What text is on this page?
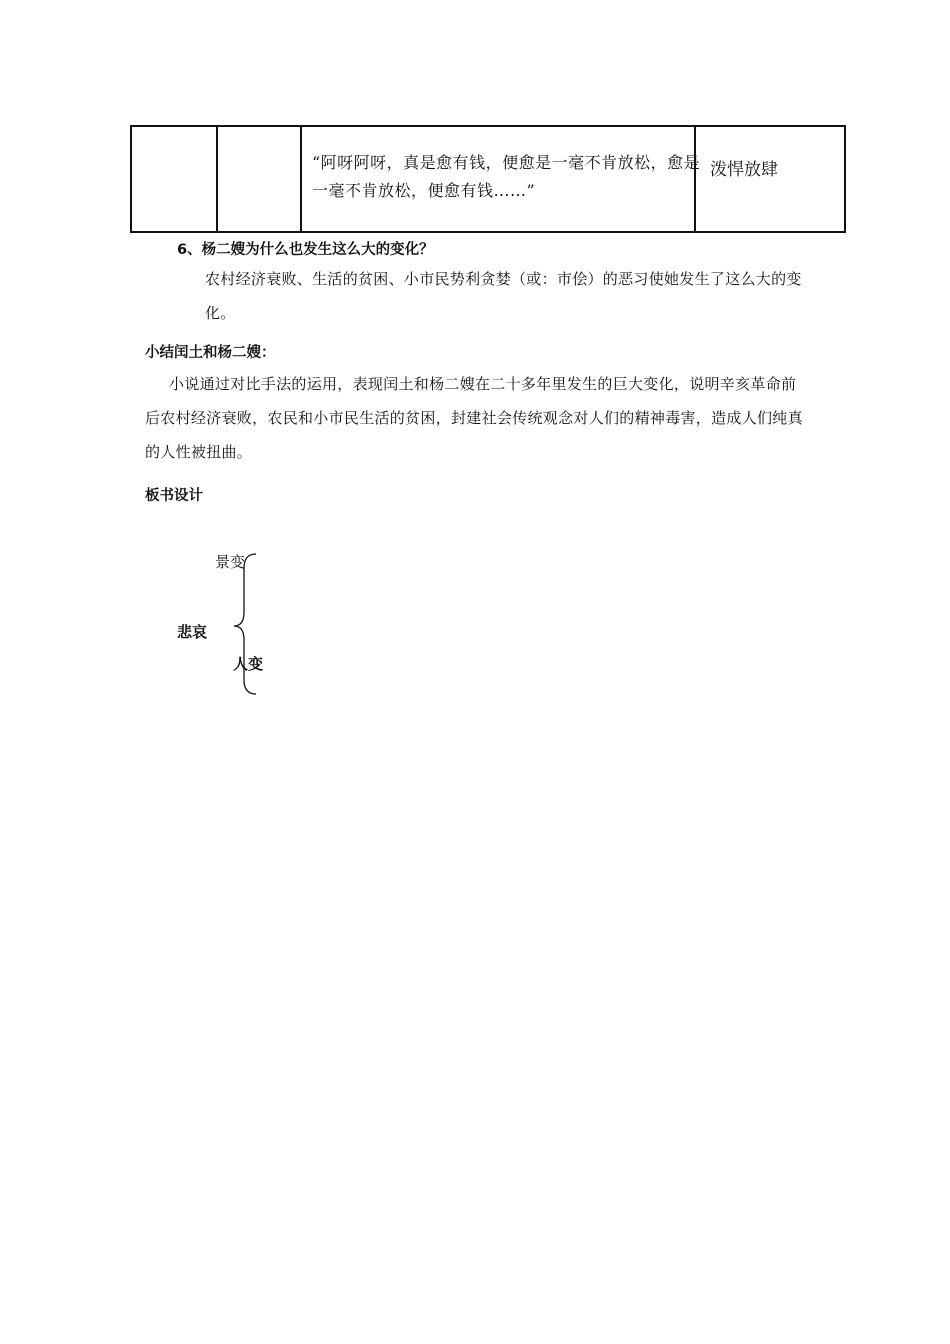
“阿呀阿呀，真是愈有钱，便愈是一毫不肯放松，愈是一毫不肯放松，便愈有钱……”
泼悍放肆
6、杨二嫂为什么也发生这么大的变化？
农村经济衰败、生活的贫困、小市民势利贪婪（或：市侩）的恶习使她发生了这么大的变化。
小结闰土和杨二嫂：
小说通过对比手法的运用，表现闰土和杨二嫂在二十多年里发生的巨大变化，说明辛亥革命前后农村经济衰败，农民和小市民生活的贫困，封建社会传统观念对人们的精神毒害，造成人们纯真的人性被扭曲。
板书设计
景变
悲哀
人变
